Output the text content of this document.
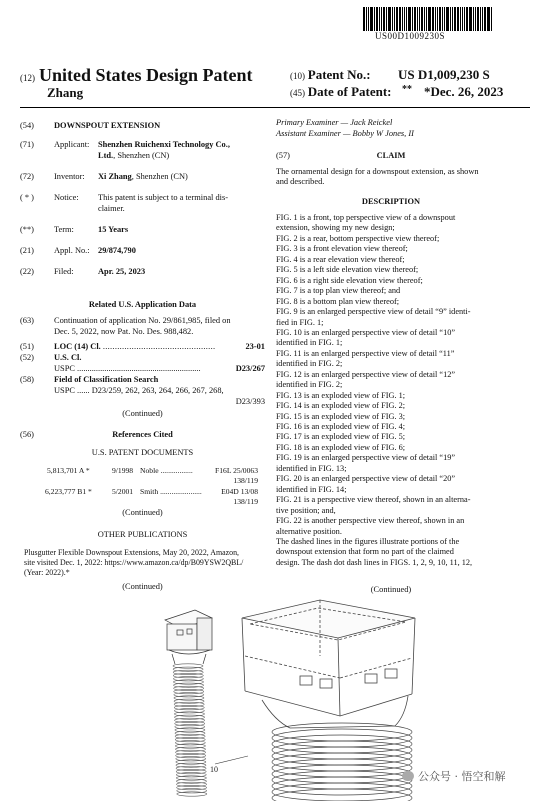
US00D1009230S
(12) United States Design Patent
Zhang
(10) Patent No.: US D1,009,230 S
(45) Date of Patent: ** *Dec. 26, 2023
(54) DOWNSPOUT EXTENSION
(71) Applicant: Shenzhen Ruichenxi Technology Co.,
Ltd., Shenzhen (CN)
(72) Inventor: Xi Zhang, Shenzhen (CN)
( * ) Notice: This patent is subject to a terminal dis-
claimer.
(**) Term:	15 Years
(21) Appl. No.: 29/874,790
(22) Filed:	Apr. 25, 2023
Related U.S. Application Data
(63) Continuation of application No. 29/861,985, filed on
Dec. 5, 2022, now Pat. No. Des. 988,482.
(51) LOC (14) Cl. ...............................................	23-01
(52) U.S. Cl.
USPC ...........................................................	D23/267
(58) Field of Classification Search
USPC ...... D23/259, 262, 263, 264, 266, 267, 268,
D23/393
(Continued)
(56)	References Cited
U.S. PATENT DOCUMENTS
5,813,701 A *	9/1998 Noble .................	F16L 25/0063
138/119
6,223,777 B1 *	5/2001 Smith ......................	E04D 13/08
138/119
(Continued)
OTHER PUBLICATIONS
Plusgutter Flexible Downspout Extensions, May 20, 2022, Amazon,
site visited Dec. 1, 2022: https://www.amazon.ca/dp/B09YSW2QBL/
(Year: 2022).*
(Continued)
Primary Examiner — Jack Reickel
Assistant Examiner — Bobby W Jones, II
(57)	CLAIM
The ornamental design for a downspout extension, as shown
and described.
DESCRIPTION
FIG. 1 is a front, top perspective view of a downspout
extension, showing my new design;
FIG. 2 is a rear, bottom perspective view thereof;
FIG. 3 is a front elevation view thereof;
FIG. 4 is a rear elevation view thereof;
FIG. 5 is a left side elevation view thereof;
FIG. 6 is a right side elevation view thereof;
FIG. 7 is a top plan view thereof; and
FIG. 8 is a bottom plan view thereof;
FIG. 9 is an enlarged perspective view of detail “9” identi-
fied in FIG. 1;
FIG. 10 is an enlarged perspective view of detail “10”
identified in FIG. 1;
FIG. 11 is an enlarged perspective view of detail “11”
identified in FIG. 2;
FIG. 12 is an enlarged perspective view of detail “12”
identified in FIG. 2;
FIG. 13 is an exploded view of FIG. 1;
FIG. 14 is an exploded view of FIG. 2;
FIG. 15 is an exploded view of FIG. 3;
FIG. 16 is an exploded view of FIG. 4;
FIG. 17 is an exploded view of FIG. 5;
FIG. 18 is an exploded view of FIG. 6;
FIG. 19 is an enlarged perspective view of detail “19”
identified in FIG. 13;
FIG. 20 is an enlarged perspective view of detail “20”
identified in FIG. 14;
FIG. 21 is a perspective view thereof, shown in an alterna-
tive position; and,
FIG. 22 is another perspective view thereof, shown in an
alternative position.
The dashed lines in the figures illustrate portions of the
downspout extension that form no part of the claimed
design. The dash dot dash lines in FIGS. 1, 2, 9, 10, 11, 12,
(Continued)
10
公众号 · 悟空和解
